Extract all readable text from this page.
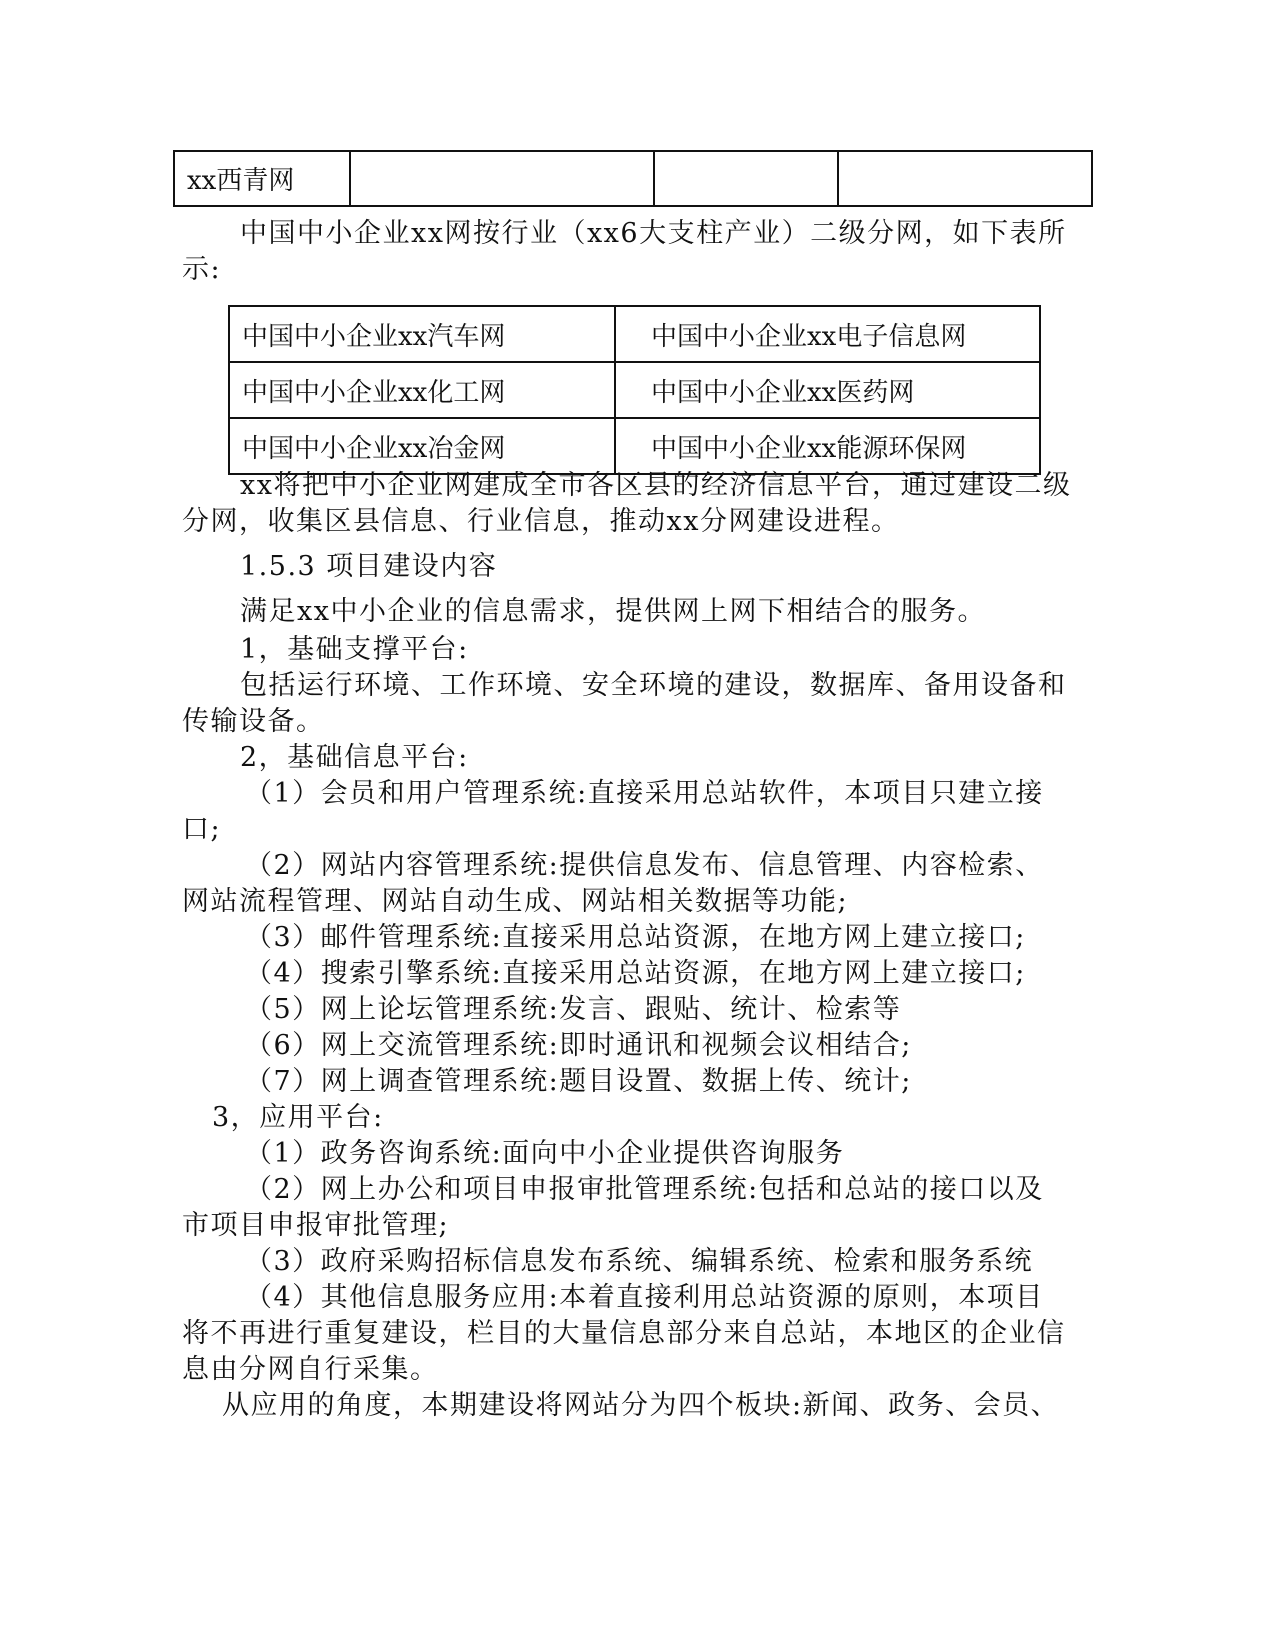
xx西青网			

中国中小企业xx网按行业（xx6大支柱产业）二级分网，如下表所

示:

中国中小企业xx汽车网	中国中小企业xx电子信息网
中国中小企业xx化工网	中国中小企业xx医药网
中国中小企业xx冶金网	中国中小企业xx能源环保网

xx将把中小企业网建成全市各区县的经济信息平台，通过建设二级

分网，收集区县信息、行业信息，推动xx分网建设进程。

1.5.3 项目建设内容

满足xx中小企业的信息需求，提供网上网下相结合的服务。

1，基础支撑平台:

包括运行环境、工作环境、安全环境的建设，数据库、备用设备和

传输设备。

2，基础信息平台:

（1）会员和用户管理系统:直接采用总站软件，本项目只建立接

口;

（2）网站内容管理系统:提供信息发布、信息管理、内容检索、

网站流程管理、网站自动生成、网站相关数据等功能;

（3）邮件管理系统:直接采用总站资源，在地方网上建立接口;

（4）搜索引擎系统:直接采用总站资源，在地方网上建立接口;

（5）网上论坛管理系统:发言、跟贴、统计、检索等

（6）网上交流管理系统:即时通讯和视频会议相结合;

（7）网上调查管理系统:题目设置、数据上传、统计;

3，应用平台:

（1）政务咨询系统:面向中小企业提供咨询服务

（2）网上办公和项目申报审批管理系统:包括和总站的接口以及

市项目申报审批管理;

（3）政府采购招标信息发布系统、编辑系统、检索和服务系统

（4）其他信息服务应用:本着直接利用总站资源的原则，本项目

将不再进行重复建设，栏目的大量信息部分来自总站，本地区的企业信

息由分网自行采集。

从应用的角度，本期建设将网站分为四个板块:新闻、政务、会员、
